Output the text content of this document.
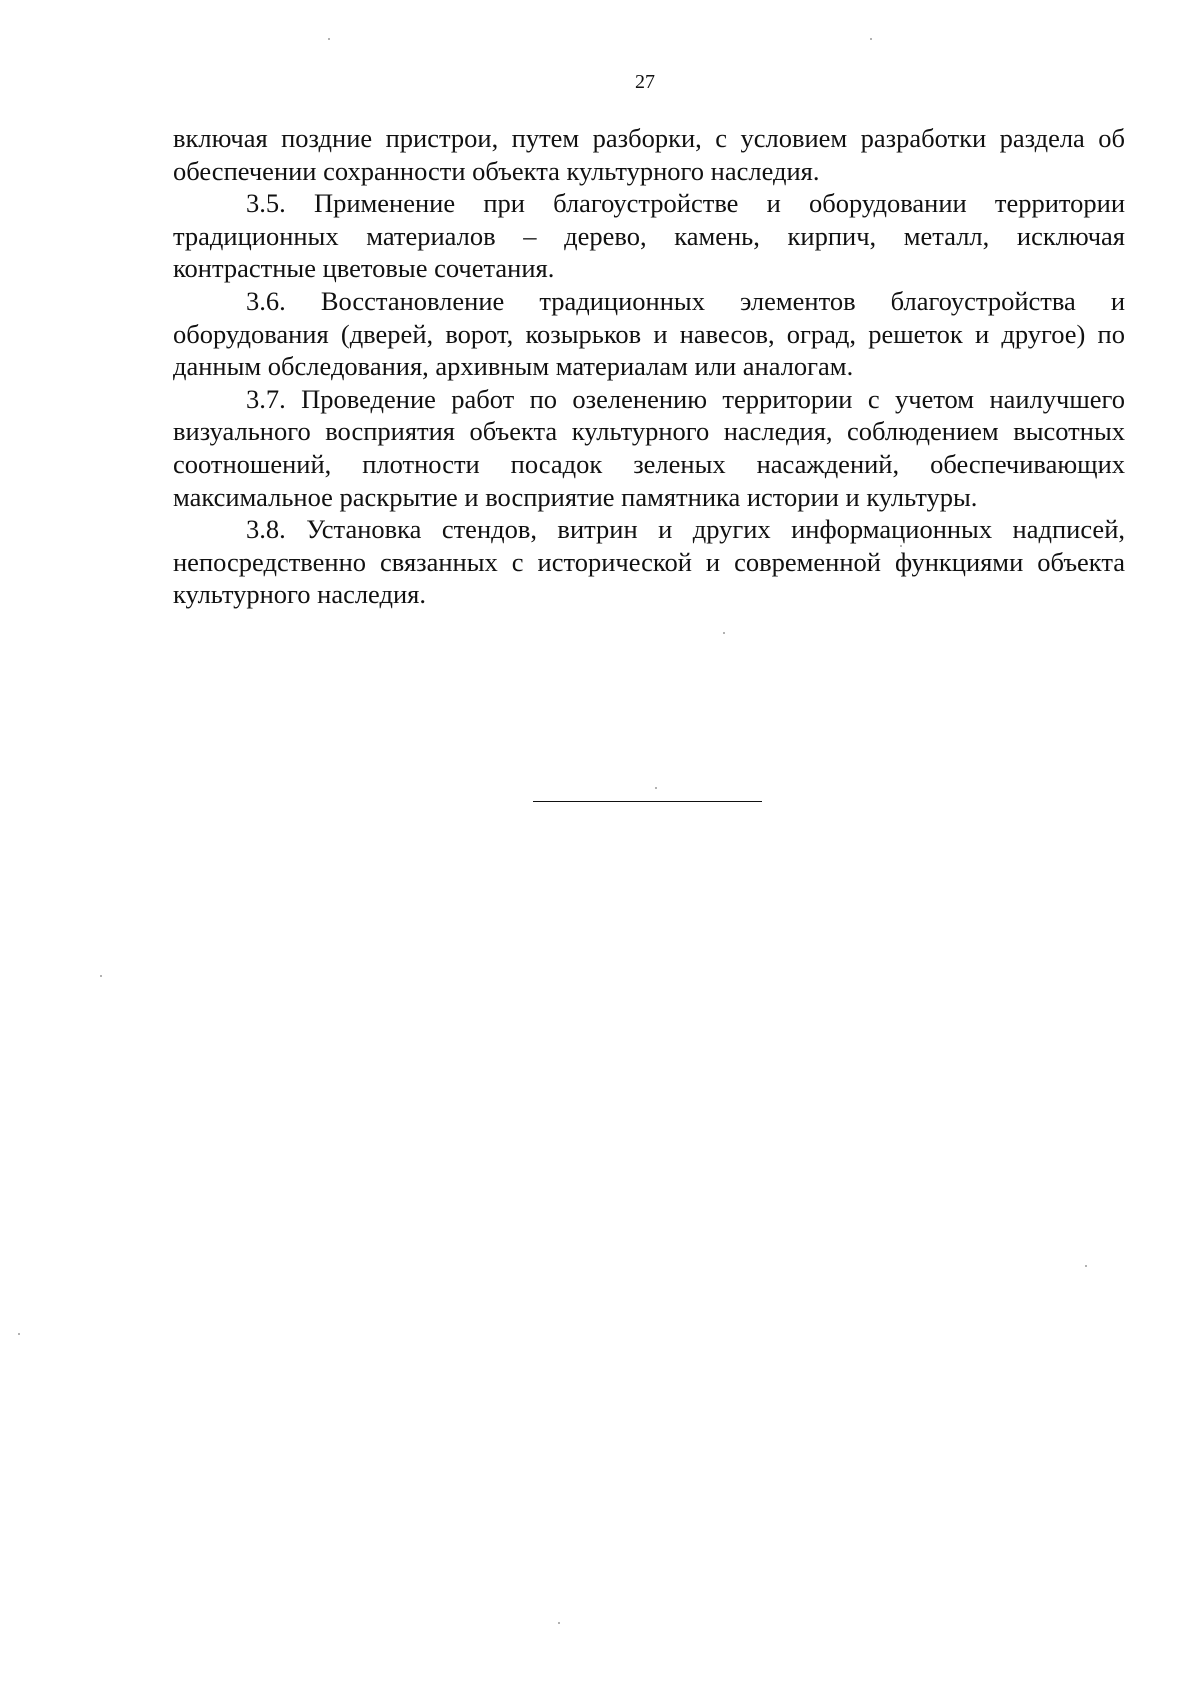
27

включая поздние пристрои, путем разборки, с условием разработки раздела об обеспечении сохранности объекта культурного наследия.

3.5. Применение при благоустройстве и оборудовании территории традиционных материалов – дерево, камень, кирпич, металл, исключая контрастные цветовые сочетания.

3.6. Восстановление традиционных элементов благоустройства и оборудования (дверей, ворот, козырьков и навесов, оград, решеток и другое) по данным обследования, архивным материалам или аналогам.

3.7. Проведение работ по озеленению территории с учетом наилучшего визуального восприятия объекта культурного наследия, соблюдением высотных соотношений, плотности посадок зеленых насаждений, обеспечивающих максимальное раскрытие и восприятие памятника истории и культуры.

3.8. Установка стендов, витрин и других информационных надписей, непосредственно связанных с исторической и современной функциями объекта культурного наследия.
